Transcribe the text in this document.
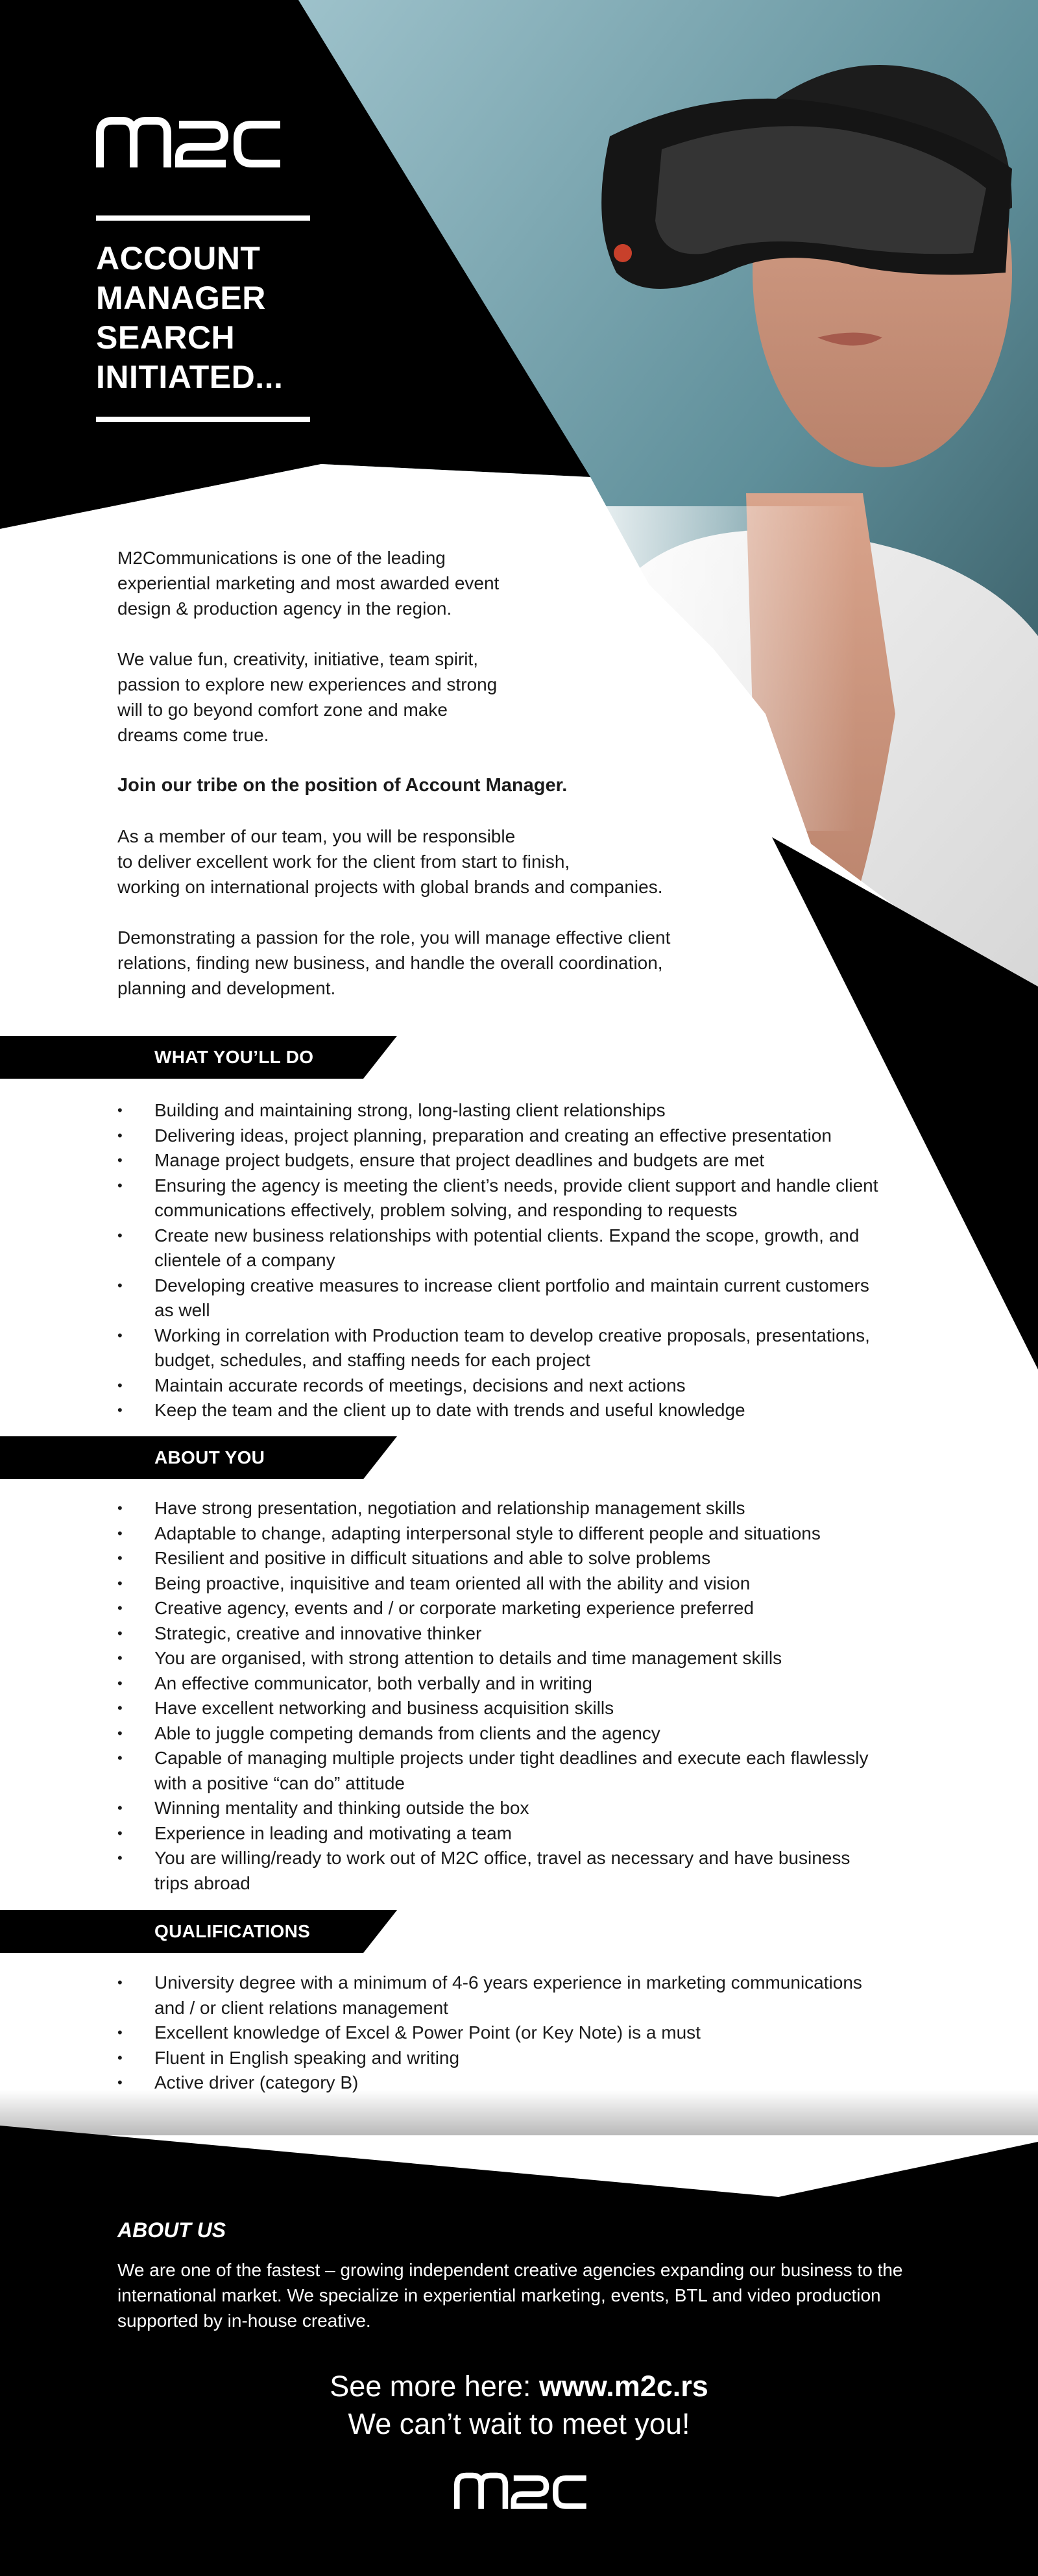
ACCOUNT
MANAGER
SEARCH
INITIATED...

M2Communications is one of the leading
experiential marketing and most awarded event
design & production agency in the region.

We value fun, creativity, initiative, team spirit,
passion to explore new experiences and strong
will to go beyond comfort zone and make
dreams come true.

Join our tribe on the position of Account Manager.

As a member of our team, you will be responsible
to deliver excellent work for the client from start to finish,
working on international projects with global brands and companies.

Demonstrating a passion for the role, you will manage effective client
relations, finding new business, and handle the overall coordination,
planning and development.

WHAT YOU’LL DO
•	Building and maintaining strong, long-lasting client relationships
•	Delivering ideas, project planning, preparation and creating an effective presentation
•	Manage project budgets, ensure that project deadlines and budgets are met
•	Ensuring the agency is meeting the client’s needs, provide client support and handle client communications effectively, problem solving, and responding to requests
•	Create new business relationships with potential clients. Expand the scope, growth, and clientele of a company
•	Developing creative measures to increase client portfolio and maintain current customers as well
•	Working in correlation with Production team to develop creative proposals, presentations, budget, schedules, and staffing needs for each project
•	Maintain accurate records of meetings, decisions and next actions
•	Keep the team and the client up to date with trends and useful knowledge
ABOUT YOU
•	Have strong presentation, negotiation and relationship management skills
•	Adaptable to change, adapting interpersonal style to different people and situations
•	Resilient and positive in difficult situations and able to solve problems
•	Being proactive, inquisitive and team oriented all with the ability and vision
•	Creative agency, events and / or corporate marketing experience preferred
•	Strategic, creative and innovative thinker
•	You are organised, with strong attention to details and time management skills
•	An effective communicator, both verbally and in writing
•	Have excellent networking and business acquisition skills
•	Able to juggle competing demands from clients and the agency
•	Capable of managing multiple projects under tight deadlines and execute each flawlessly with a positive “can do” attitude
•	Winning mentality and thinking outside the box
•	Experience in leading and motivating a team
•	You are willing/ready to work out of M2C office, travel as necessary and have business trips abroad
QUALIFICATIONS
•	University degree with a minimum of 4-6 years experience in marketing communications and / or client relations management
•	Excellent knowledge of Excel & Power Point (or Key Note) is a must
•	Fluent in English speaking and writing
•	Active driver (category B)
ABOUT US
We are one of the fastest – growing independent creative agencies expanding our business to the
international market. We specialize in experiential marketing, events, BTL and video production
supported by in-house creative.
See more here: www.m2c.rs
We can’t wait to meet you!
